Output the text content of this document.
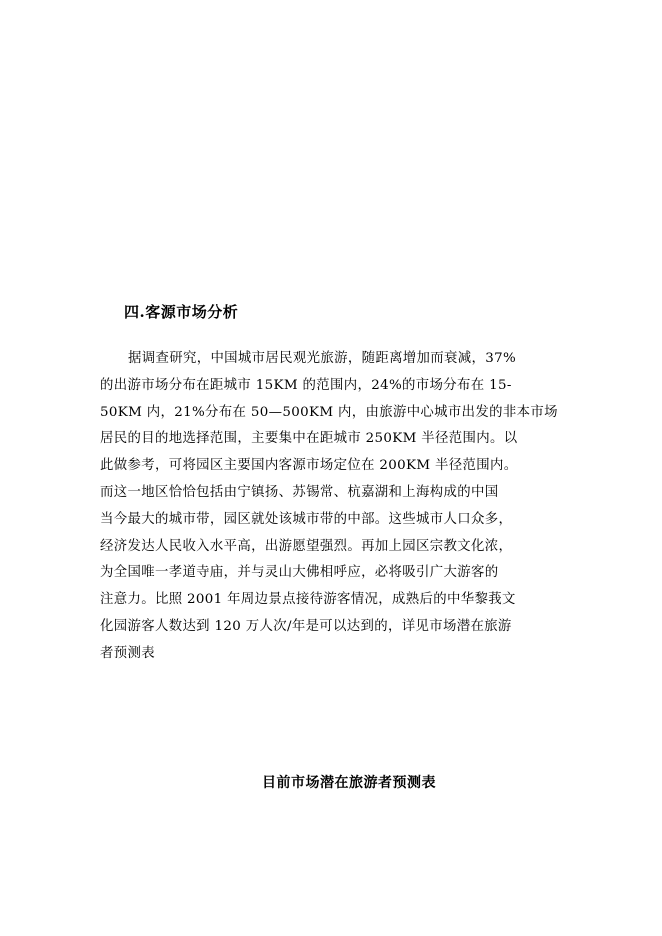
四.客源市场分析
据调查研究，中国城市居民观光旅游，随距离增加而衰减，37%
的出游市场分布在距城市 15KM 的范围内，24%的市场分布在 15-
50KM 内，21%分布在 50—500KM 内，由旅游中心城市出发的非本市场
居民的目的地选择范围，主要集中在距城市 250KM 半径范围内。以
此做参考，可将园区主要国内客源市场定位在 200KM 半径范围内。
而这一地区恰恰包括由宁镇扬、苏锡常、杭嘉湖和上海构成的中国
当今最大的城市带，园区就处该城市带的中部。这些城市人口众多，
经济发达人民收入水平高，出游愿望强烈。再加上园区宗教文化浓，
为全国唯一孝道寺庙，并与灵山大佛相呼应，必将吸引广大游客的
注意力。比照 2001 年周边景点接待游客情况，成熟后的中华黎莪文
化园游客人数达到 120 万人次/年是可以达到的，详见市场潜在旅游
者预测表
目前市场潜在旅游者预测表
